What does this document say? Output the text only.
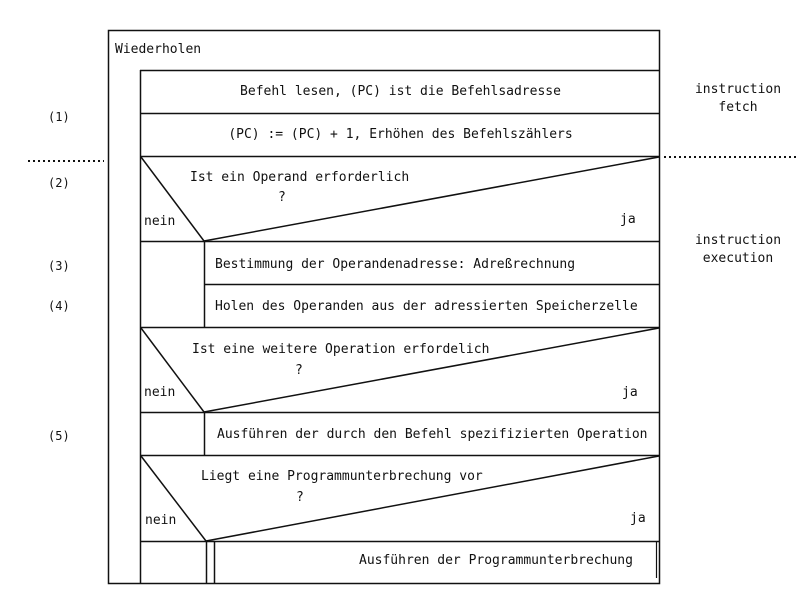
Wiederholen
Befehl lesen, (PC) ist die Befehlsadresse
(PC) := (PC) + 1, Erhöhen des Befehlszählers
Ist ein Operand erforderlich
?
nein	ja
Bestimmung der Operandenadresse: Adreßrechnung
Holen des Operanden aus der adressierten Speicherzelle
Ist eine weitere Operation erfordelich
?
nein	ja
Ausführen der durch den Befehl spezifizierten Operation
Liegt eine Programmunterbrechung vor
?
nein	ja
Ausführen der Programmunterbrechung
(1)
(2)
(3)
(4)
(5)
instruction
fetch
instruction
execution
